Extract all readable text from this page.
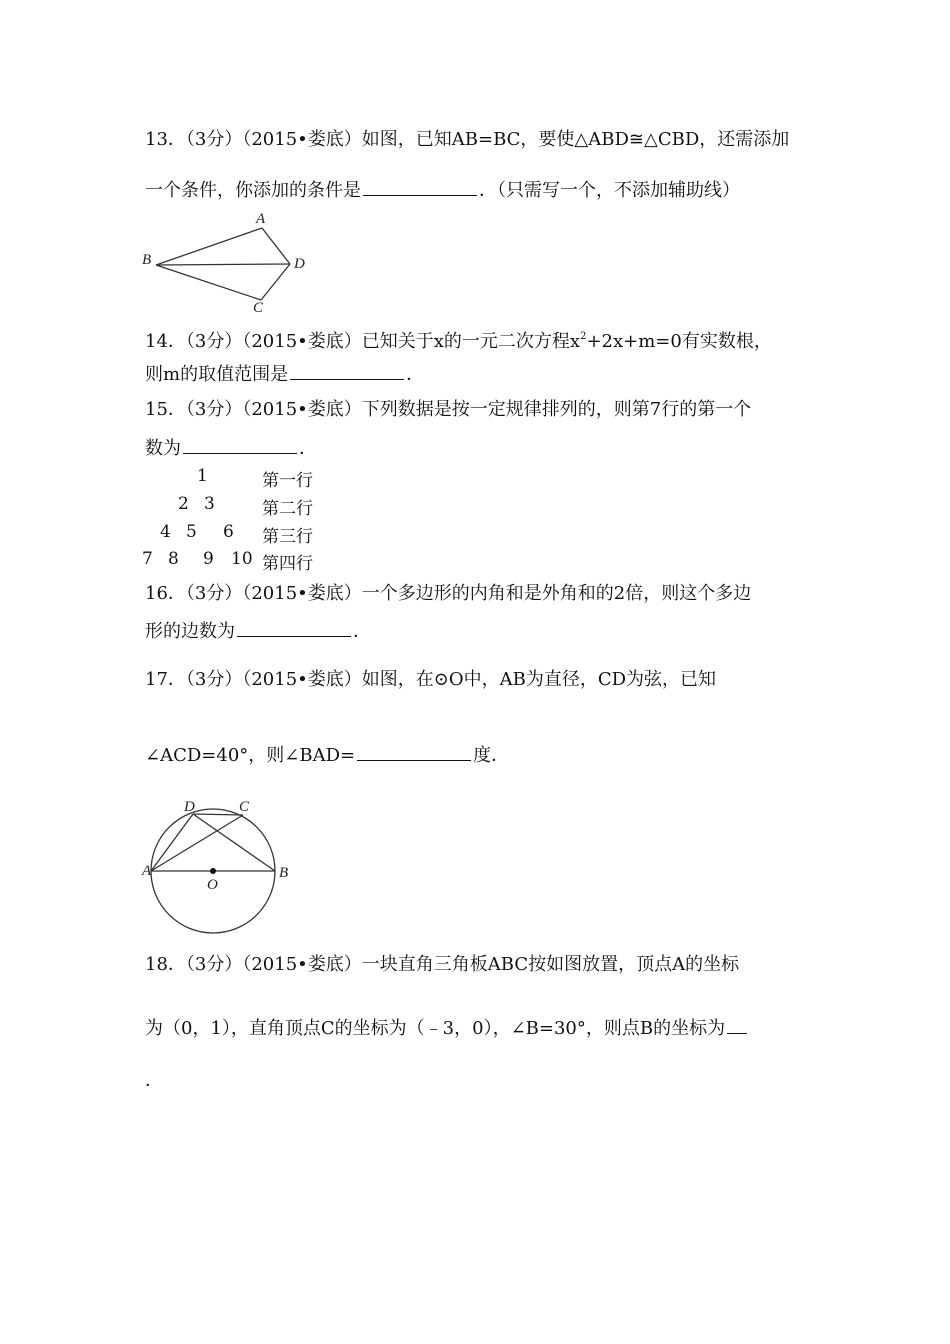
13．（3分）（2015•娄底）如图，已知AB=BC，要使△ABD≅△CBD，还需添加
一个条件，你添加的条件是	．（只需写一个，不添加辅助线）
A
B	D
C
14．（3分）（2015•娄底）已知关于x的一元二次方程$x^2+2x+m=0$有实数根，
则m的取值范围是	．
15．（3分）（2015•娄底）下列数据是按一定规律排列的，则第7行的第一个
数为	．
1	第一行
2 3	第二行
4 5 6 第三行
7 8 9 10 第四行
16．（3分）（2015•娄底）一个多边形的内角和是外角和的2倍，则这个多边
形的边数为	．
17．（3分）（2015•娄底）如图，在⊙O中，AB为直径，CD为弦，已知
∠ACD=40°，则∠BAD=	度．
D	C
A	B
O
18．（3分）（2015•娄底）一块直角三角板ABC按如图放置，顶点A的坐标
为（0，1），直角顶点C的坐标为（﹣3，0），∠B=30°，则点B的坐标为
．
